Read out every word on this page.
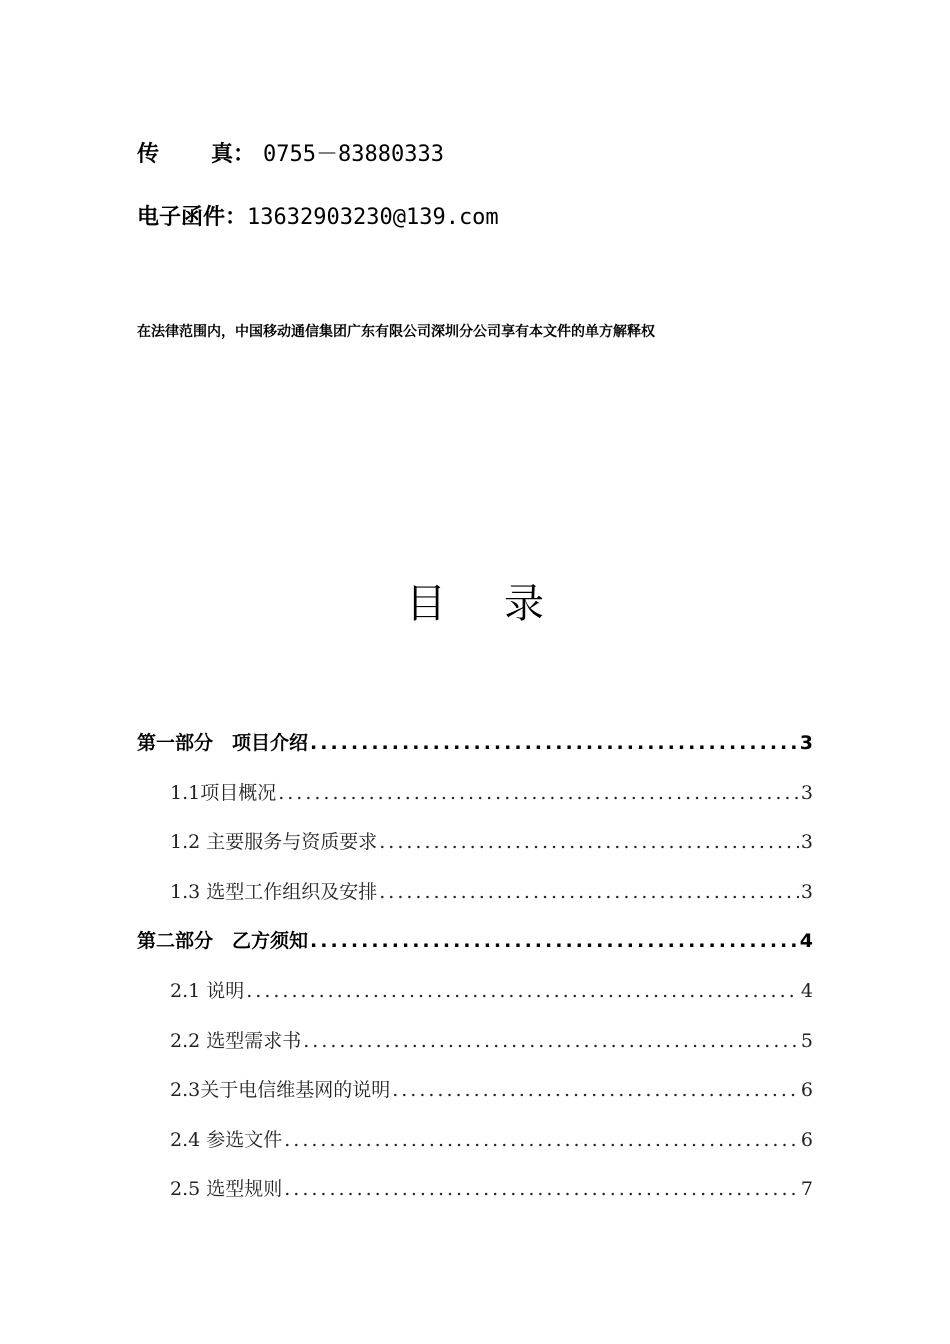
传 真： 0755－83880333
电子函件：13632903230@139.com
在法律范围内，中国移动通信集团广东有限公司深圳分公司享有本文件的单方解释权
目 录
第一部分　项目介绍 .....	3
1.1项目概况 .....	3
1.2 主要服务与资质要求 .....	3
1.3 选型工作组织及安排 .....	3
第二部分　乙方须知 .....	4
2.1 说明 .....	4
2.2 选型需求书 .....	5
2.3关于电信维基网的说明 .....	6
2.4 参选文件 .....	6
2.5 选型规则 .....	7
